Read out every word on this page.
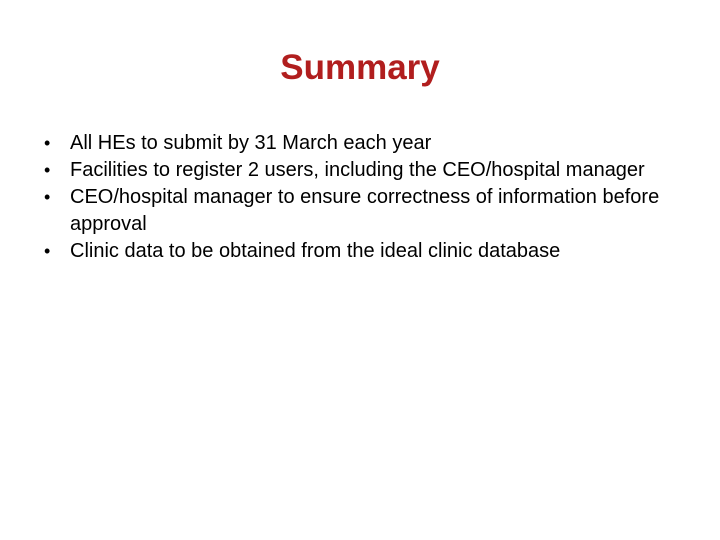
Summary
• All HEs to submit by 31 March each year
• Facilities to register 2 users, including the CEO/hospital manager
• CEO/hospital manager to ensure correctness of information before approval
• Clinic data to be obtained from the ideal clinic database
